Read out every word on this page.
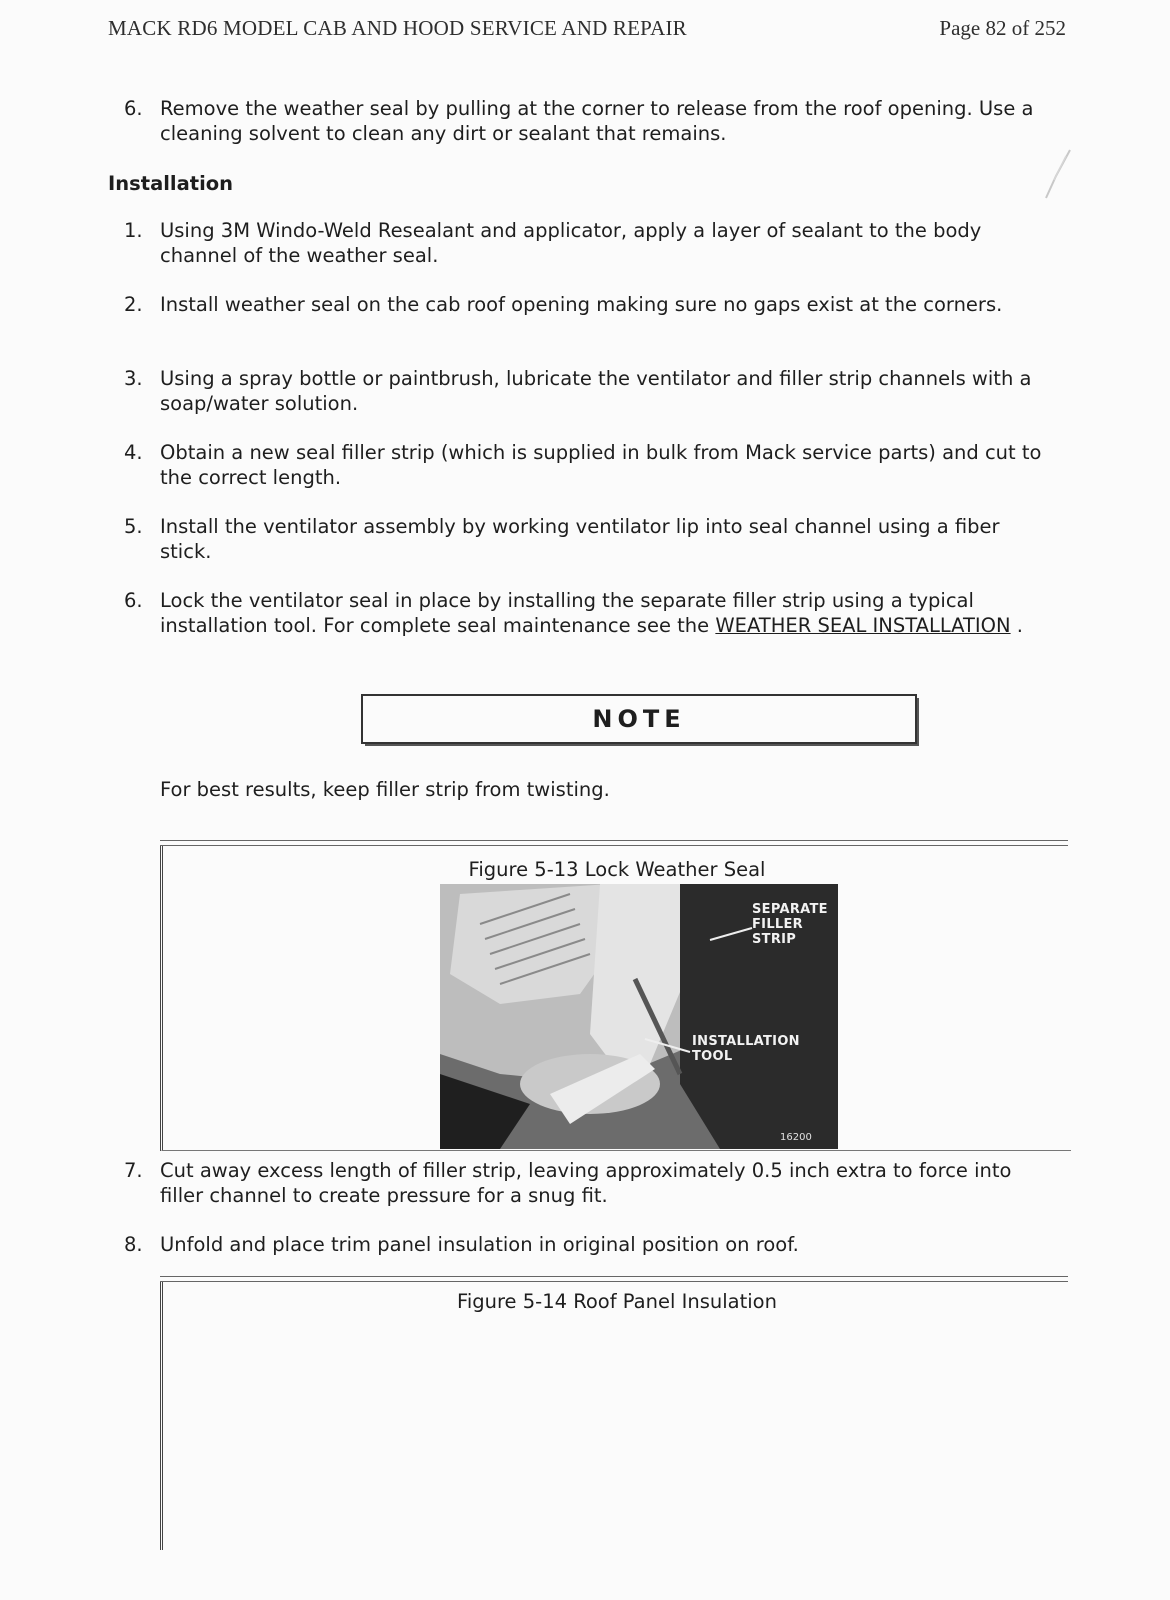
MACK RD6 MODEL CAB AND HOOD SERVICE AND REPAIR	Page 82 of 252
6. Remove the weather seal by pulling at the corner to release from the roof opening. Use a cleaning solvent to clean any dirt or sealant that remains.
Installation
1. Using 3M Windo-Weld Resealant and applicator, apply a layer of sealant to the body channel of the weather seal.
2. Install weather seal on the cab roof opening making sure no gaps exist at the corners.
3. Using a spray bottle or paintbrush, lubricate the ventilator and filler strip channels with a soap/water solution.
4. Obtain a new seal filler strip (which is supplied in bulk from Mack service parts) and cut to the correct length.
5. Install the ventilator assembly by working ventilator lip into seal channel using a fiber stick.
6. Lock the ventilator seal in place by installing the separate filler strip using a typical installation tool. For complete seal maintenance see the WEATHER SEAL INSTALLATION .
NOTE
For best results, keep filler strip from twisting.
Figure 5-13 Lock Weather Seal
SEPARATE
FILLER
STRIP
INSTALLATION
TOOL
16200
7. Cut away excess length of filler strip, leaving approximately 0.5 inch extra to force into filler channel to create pressure for a snug fit.
8. Unfold and place trim panel insulation in original position on roof.
Figure 5-14 Roof Panel Insulation
